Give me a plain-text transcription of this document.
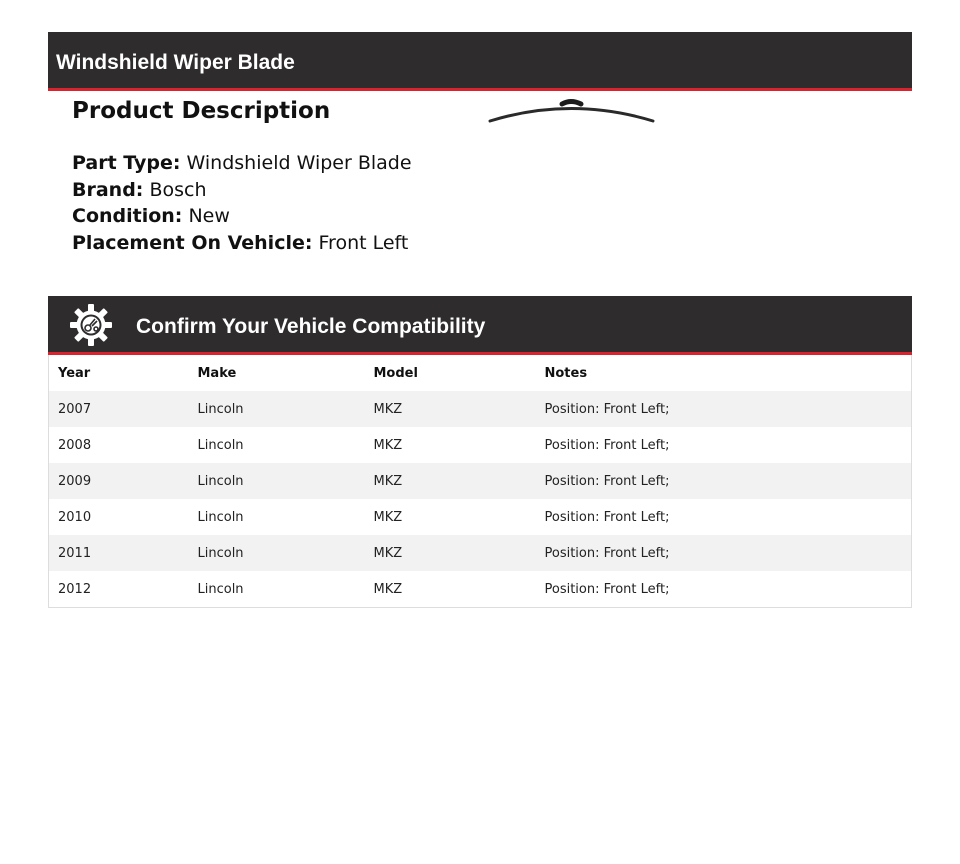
Windshield Wiper Blade
Product Description
Part Type: Windshield Wiper Blade
Brand: Bosch
Condition: New
Placement On Vehicle: Front Left
Confirm Your Vehicle Compatibility
Year	Make	Model	Notes
2007	Lincoln	MKZ	Position: Front Left;
2008	Lincoln	MKZ	Position: Front Left;
2009	Lincoln	MKZ	Position: Front Left;
2010	Lincoln	MKZ	Position: Front Left;
2011	Lincoln	MKZ	Position: Front Left;
2012	Lincoln	MKZ	Position: Front Left;
